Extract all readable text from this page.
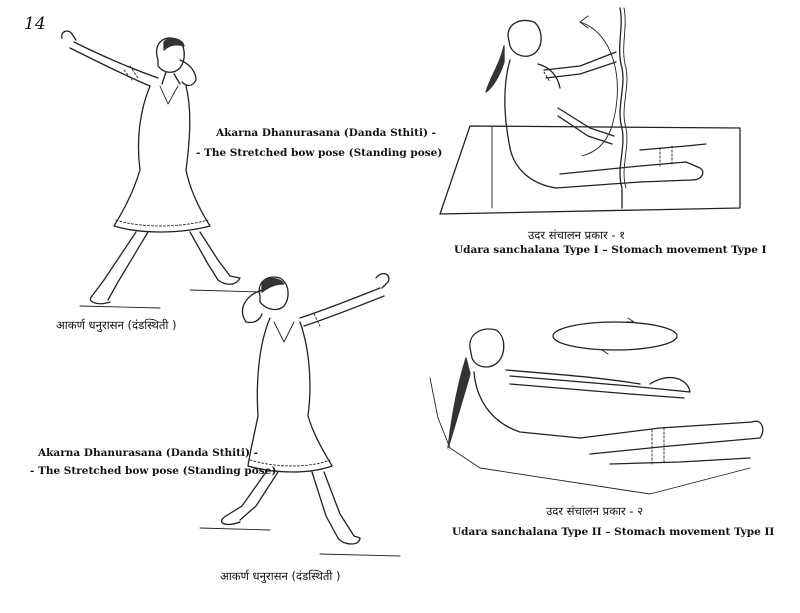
14
Akarna Dhanurasana (Danda Sthiti) -
- The Stretched bow pose (Standing pose)
आकर्ण धनुरासन (दंडस्थिती )
Akarna Dhanurasana (Danda Sthiti) -
- The Stretched bow pose (Standing pose)
आकर्ण धनुरासन (दंडस्थिती )
उदर संचालन प्रकार - १
Udara sanchalana Type I – Stomach movement Type I
उदर संचालन प्रकार - २
Udara sanchalana Type II – Stomach movement Type II
